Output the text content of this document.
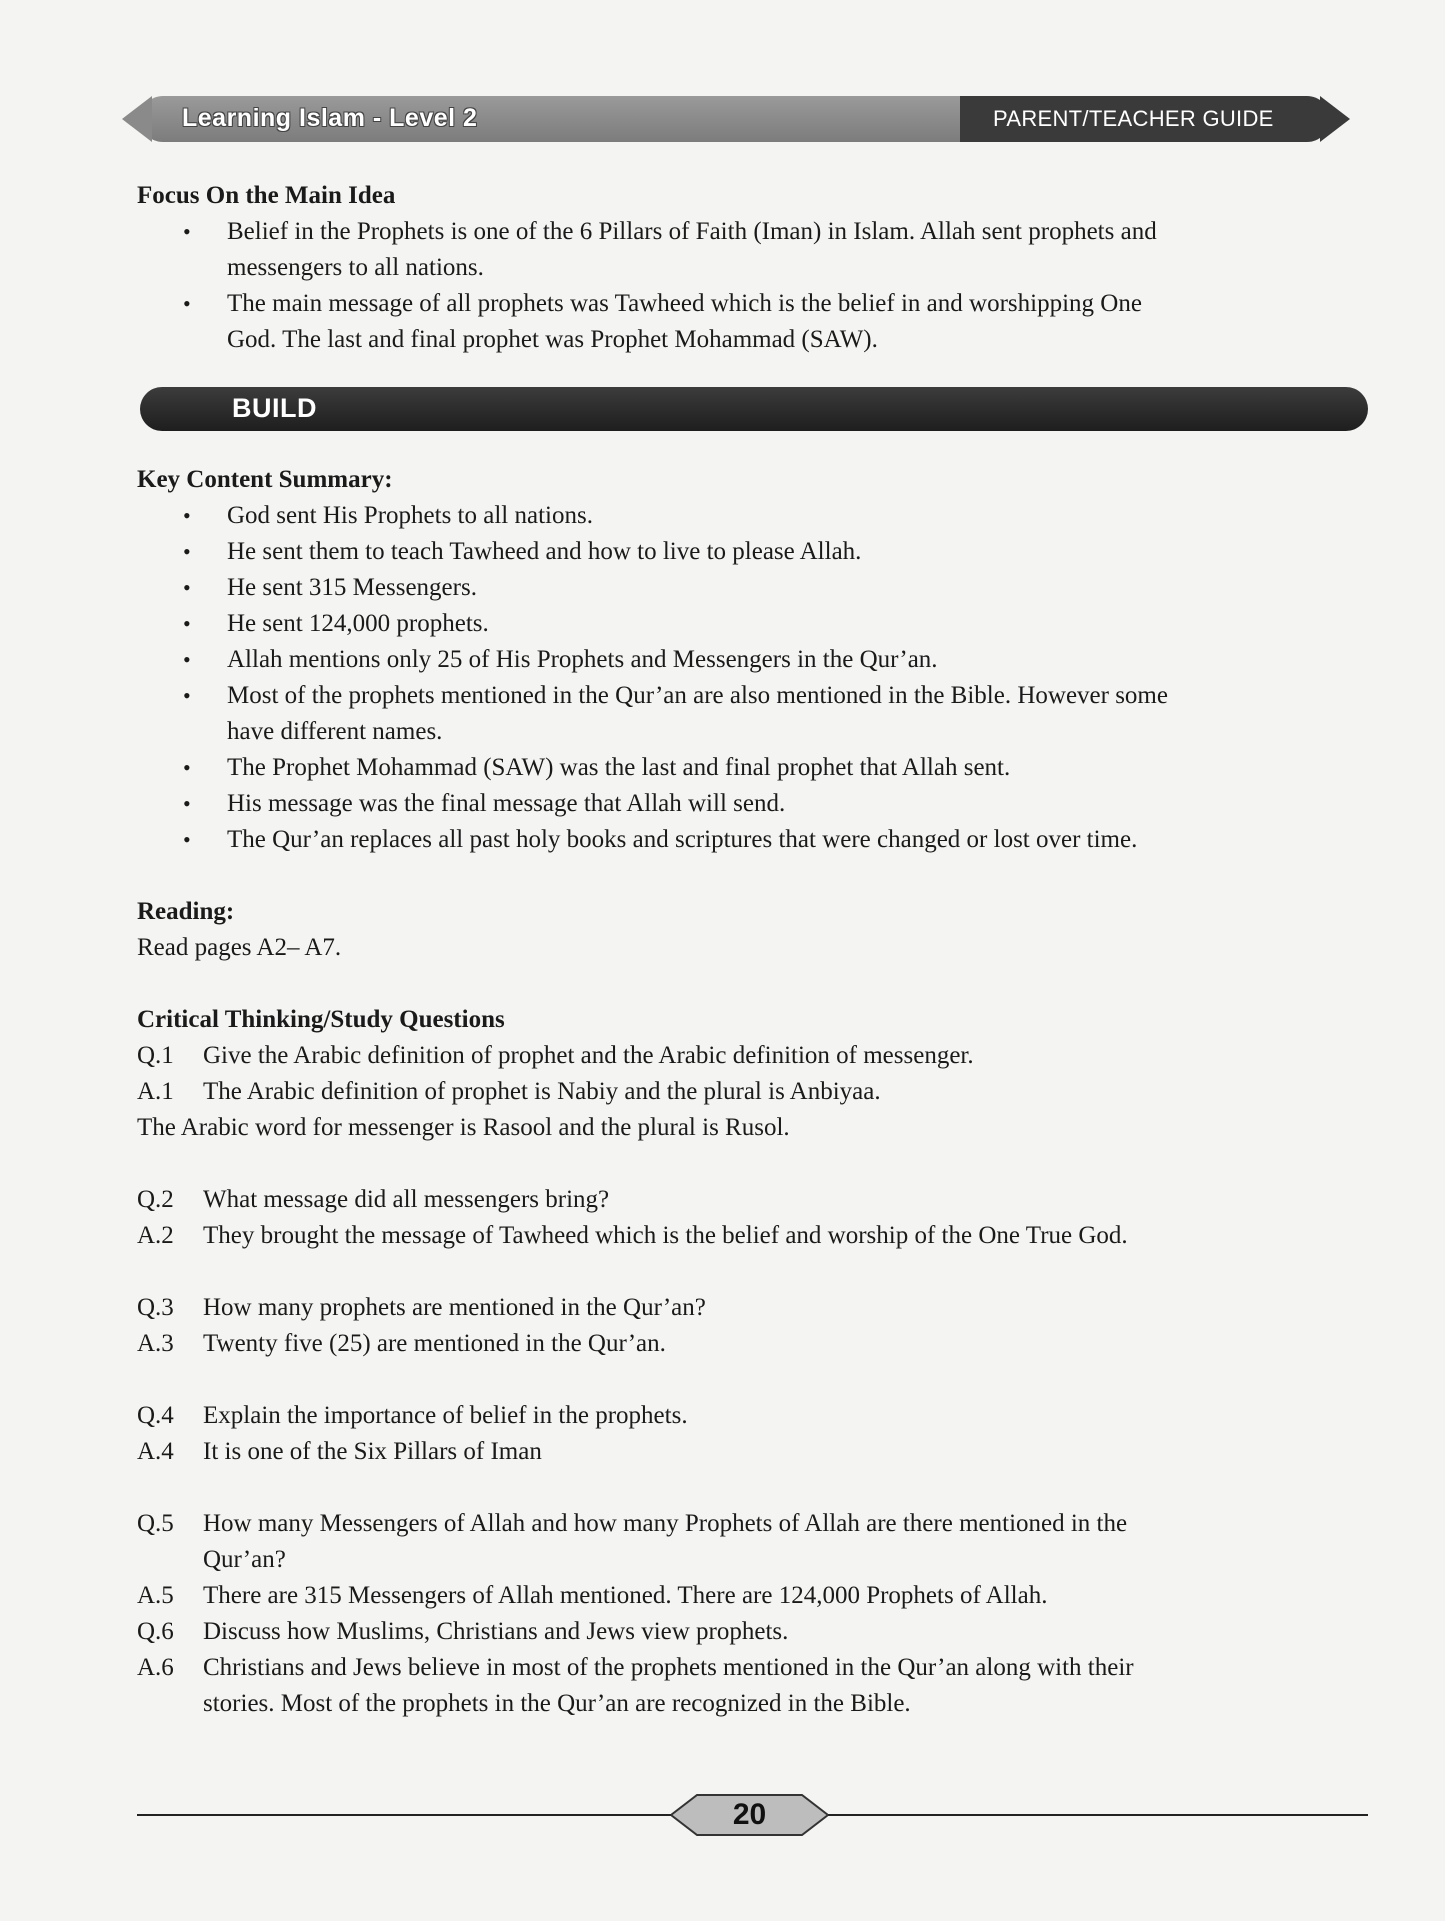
Learning Islam - Level 2	PARENT/TEACHER GUIDE
Focus On the Main Idea
• Belief in the Prophets is one of the 6 Pillars of Faith (Iman) in Islam. Allah sent prophets and
messengers to all nations.
• The main message of all prophets was Tawheed which is the belief in and worshipping One
God. The last and final prophet was Prophet Mohammad (SAW).
BUILD
Key Content Summary:
• God sent His Prophets to all nations.
• He sent them to teach Tawheed and how to live to please Allah.
• He sent 315 Messengers.
• He sent 124,000 prophets.
• Allah mentions only 25 of His Prophets and Messengers in the Qur’an.
• Most of the prophets mentioned in the Qur’an are also mentioned in the Bible. However some
have different names.
• The Prophet Mohammad (SAW) was the last and final prophet that Allah sent.
• His message was the final message that Allah will send.
• The Qur’an replaces all past holy books and scriptures that were changed or lost over time.
Reading:
Read pages A2– A7.
Critical Thinking/Study Questions
Q.1	Give the Arabic definition of prophet and the Arabic definition of messenger.
A.1	The Arabic definition of prophet is Nabiy and the plural is Anbiyaa.
The Arabic word for messenger is Rasool and the plural is Rusol.
Q.2	What message did all messengers bring?
A.2	They brought the message of Tawheed which is the belief and worship of the One True God.
Q.3	How many prophets are mentioned in the Qur’an?
A.3	Twenty five (25) are mentioned in the Qur’an.
Q.4	Explain the importance of belief in the prophets.
A.4	It is one of the Six Pillars of Iman
Q.5	How many Messengers of Allah and how many Prophets of Allah are there mentioned in the
Qur’an?
A.5	There are 315 Messengers of Allah mentioned. There are 124,000 Prophets of Allah.
Q.6	Discuss how Muslims, Christians and Jews view prophets.
A.6	Christians and Jews believe in most of the prophets mentioned in the Qur’an along with their
stories. Most of the prophets in the Qur’an are recognized in the Bible.
20
